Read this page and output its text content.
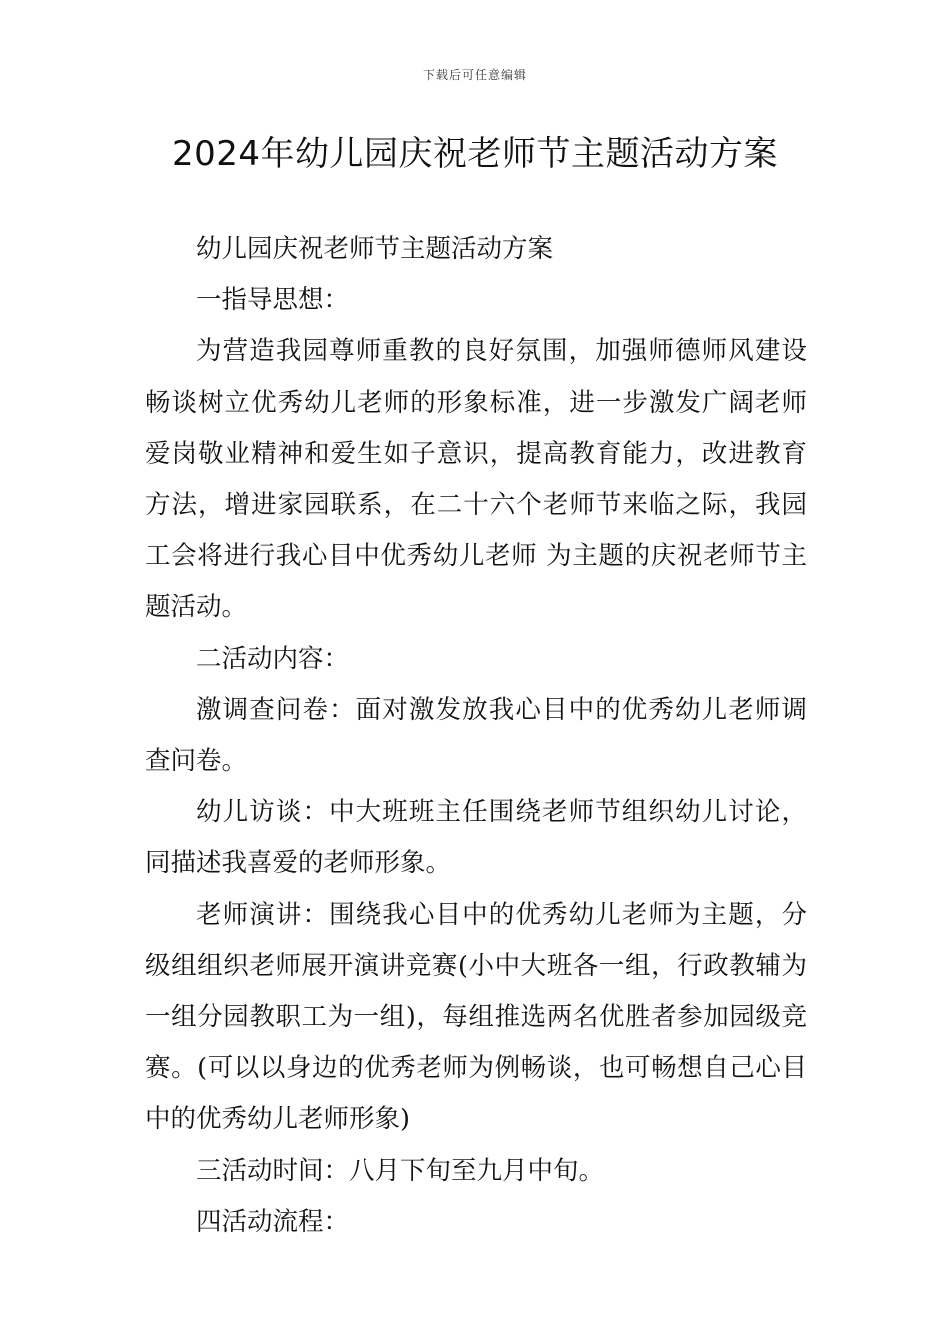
下载后可任意编辑
2024年幼儿园庆祝老师节主题活动方案

幼儿园庆祝老师节主题活动方案

一指导思想：

为营造我园尊师重教的良好氛围，加强师德师风建设畅谈树立优秀幼儿老师的形象标准，进一步激发广阔老师爱岗敬业精神和爱生如子意识，提高教育能力，改进教育方法，增进家园联系，在二十六个老师节来临之际，我园工会将进行我心目中优秀幼儿老师 为主题的庆祝老师节主题活动。

二活动内容：

激调查问卷：面对激发放我心目中的优秀幼儿老师调查问卷。

幼儿访谈：中大班班主任围绕老师节组织幼儿讨论，同描述我喜爱的老师形象。

老师演讲：围绕我心目中的优秀幼儿老师为主题，分级组组织老师展开演讲竞赛(小中大班各一组，行政教辅为一组分园教职工为一组)，每组推选两名优胜者参加园级竞赛。(可以以身边的优秀老师为例畅谈，也可畅想自己心目中的优秀幼儿老师形象)

三活动时间：八月下旬至九月中旬。

四活动流程：
